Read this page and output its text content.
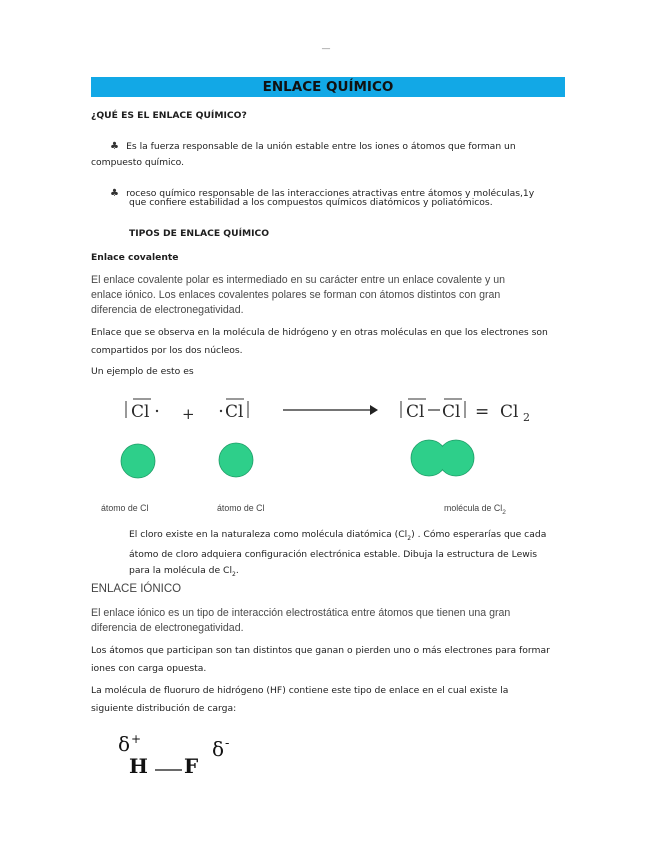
__
ENLACE QUÍMICO
¿QUÉ ES EL ENLACE QUÍMICO?
♣ Es la fuerza responsable de la unión estable entre los iones o átomos que forman un
compuesto químico.
♣ roceso químico responsable de las interacciones atractivas entre átomos y moléculas,1y
que confiere estabilidad a los compuestos químicos diatómicos y poliatómicos.
TIPOS DE ENLACE QUÍMICO
Enlace covalente
El enlace covalente polar es intermediado en su carácter entre un enlace covalente y un
enlace iónico. Los enlaces covalentes polares se forman con átomos distintos con gran
diferencia de electronegatividad.
Enlace que se observa en la molécula de hidrógeno y en otras moléculas en que los electrones son
compartidos por los dos núcleos.
Un ejemplo de esto es
Cl + Cl	Cl Cl = Cl 2
átomo de Cl	átomo de Cl	molécula de $Cl_2$
El cloro existe en la naturaleza como molécula diatómica $(Cl_2)$ . Cómo esperarías que cada
átomo de cloro adquiera configuración electrónica estable. Dibuja la estructura de Lewis
para la molécula de $Cl_2$.
ENLACE IÓNICO
El enlace iónico es un tipo de interacción electrostática entre átomos que tienen una gran
diferencia de electronegatividad.
Los átomos que participan son tan distintos que ganan o pierden uno o más electrones para formar
iones con carga opuesta.
La molécula de fluoruro de hidrógeno (HF) contiene este tipo de enlace en el cual existe la
siguiente distribución de carga:
δ +
H F
δ -
